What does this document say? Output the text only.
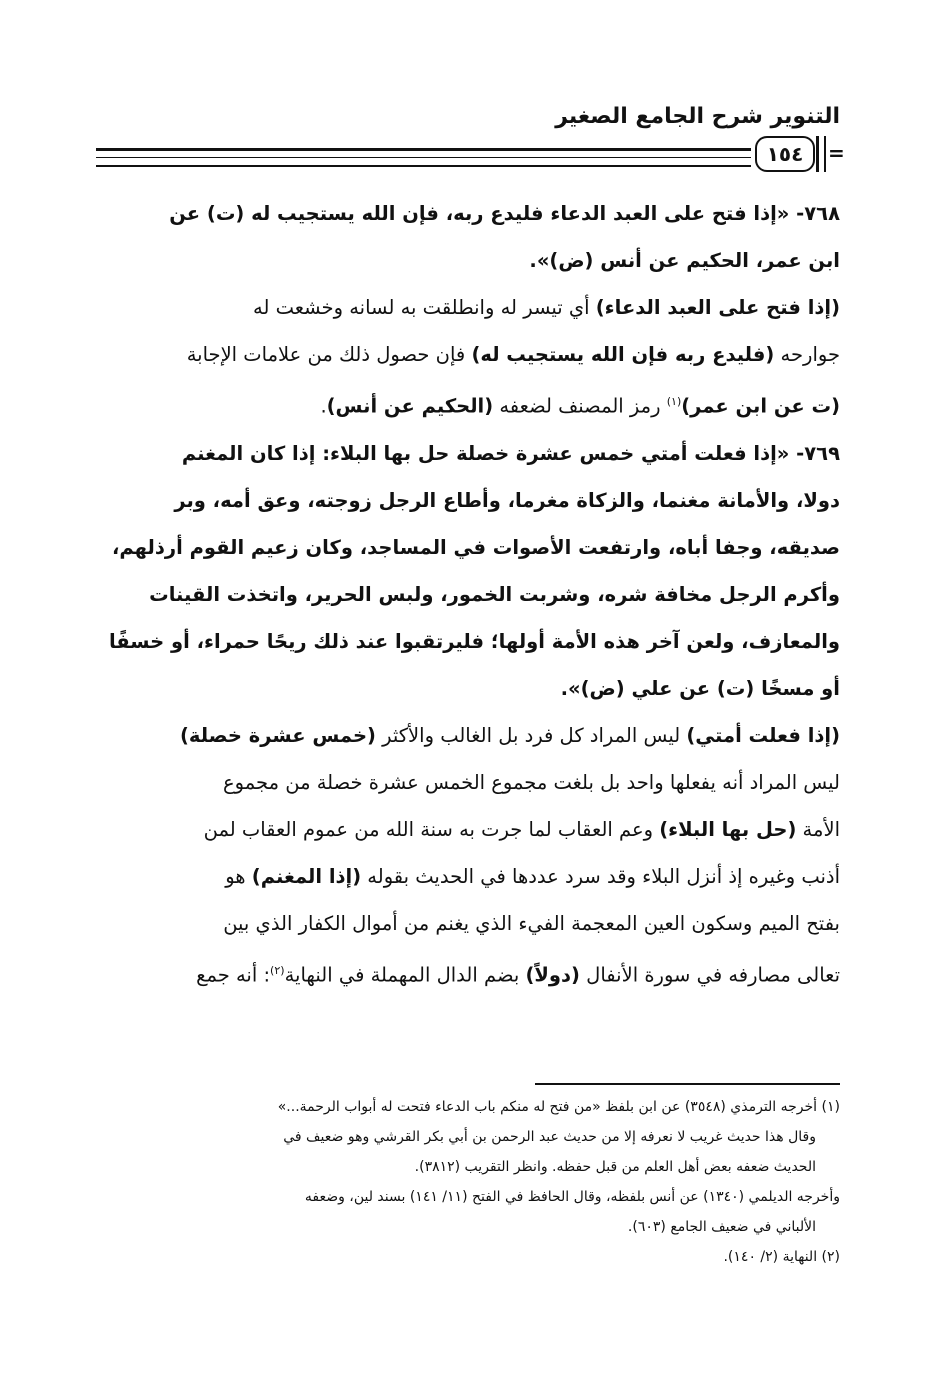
التنوير شرح الجامع الصغير
١٥٤	=

٧٦٨- «إذا فتح على العبد الدعاء فليدع ربه، فإن الله يستجيب له (ت) عن

ابن عمر، الحكيم عن أنس (ض)».

(إذا فتح على العبد الدعاء) أي تيسر له وانطلقت به لسانه وخشعت له

جوارحه (فليدع ربه فإن الله يستجيب له) فإن حصول ذلك من علامات الإجابة

(ت عن ابن عمر)$^{(١)}$ رمز المصنف لضعفه (الحكيم عن أنس).

٧٦٩- «إذا فعلت أمتي خمس عشرة خصلة حل بها البلاء: إذا كان المغنم

دولا، والأمانة مغنما، والزكاة مغرما، وأطاع الرجل زوجته، وعق أمه، وبر

صديقه، وجفا أباه، وارتفعت الأصوات في المساجد، وكان زعيم القوم أرذلهم،

وأكرم الرجل مخافة شره، وشربت الخمور، ولبس الحرير، واتخذت القينات

والمعازف، ولعن آخر هذه الأمة أولها؛ فليرتقبوا عند ذلك ريحًا حمراء، أو خسفًا

أو مسخًا (ت) عن علي (ض)».

(إذا فعلت أمتي) ليس المراد كل فرد بل الغالب والأكثر (خمس عشرة خصلة)

ليس المراد أنه يفعلها واحد بل بلغت مجموع الخمس عشرة خصلة من مجموع

الأمة (حل بها البلاء) وعم العقاب لما جرت به سنة الله من عموم العقاب لمن

أذنب وغيره إذ أنزل البلاء وقد سرد عددها في الحديث بقوله (إذا المغنم) هو

بفتح الميم وسكون العين المعجمة الفيء الذي يغنم من أموال الكفار الذي بين

تعالى مصارفه في سورة الأنفال (دولاً) بضم الدال المهملة في النهاية$^{(٢)}$: أنه جمع

(١) أخرجه الترمذي (٣٥٤٨) عن ابن بلفظ «من فتح له منكم باب الدعاء فتحت له أبواب الرحمة...»

وقال هذا حديث غريب لا نعرفه إلا من حديث عبد الرحمن بن أبي بكر القرشي وهو ضعيف في

الحديث ضعفه بعض أهل العلم من قبل حفظه. وانظر التقريب (٣٨١٢).

وأخرجه الديلمي (١٣٤٠) عن أنس بلفظه، وقال الحافظ في الفتح (١١/ ١٤١) بسند لين، وضعفه

الألباني في ضعيف الجامع (٦٠٣).

(٢) النهاية (٢/ ١٤٠).
